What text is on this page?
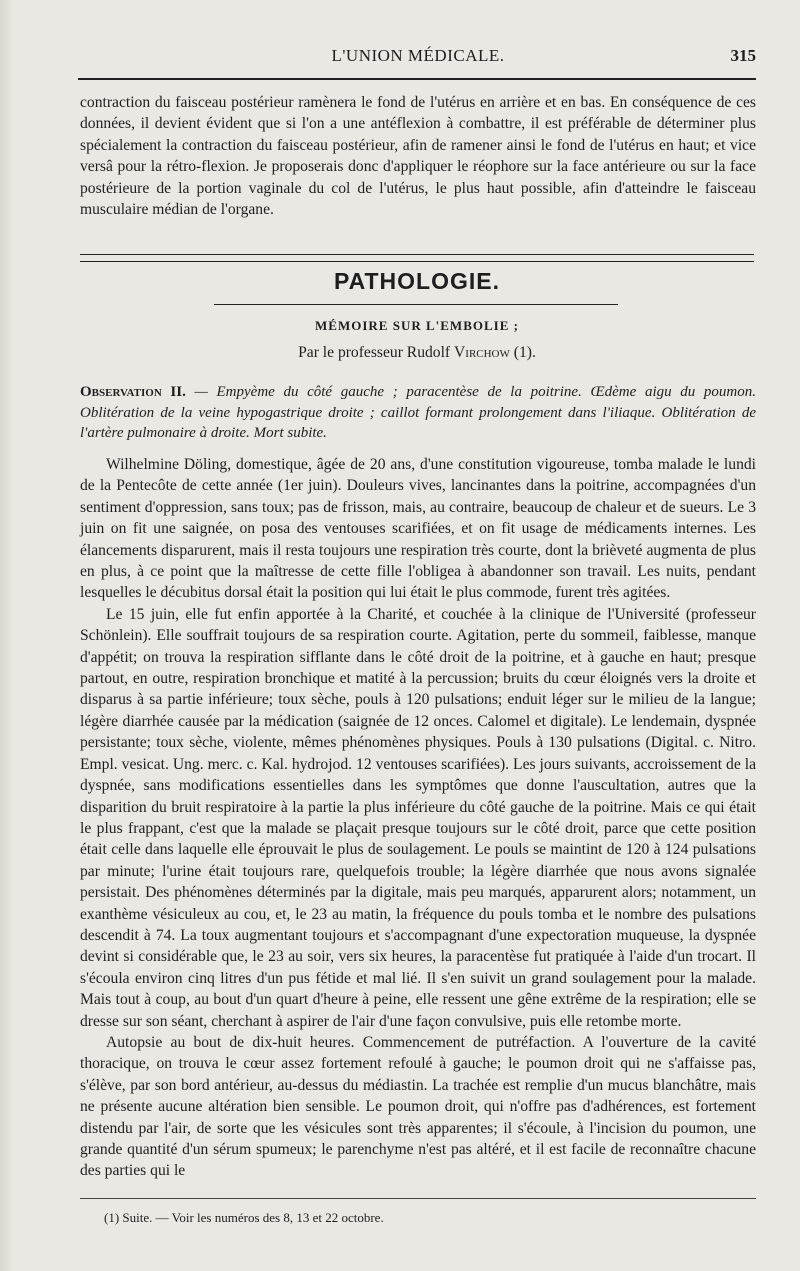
L'UNION MÉDICALE.	315

contraction du faisceau postérieur ramènera le fond de l'utérus en arrière et en bas. En conséquence de ces données, il devient évident que si l'on a une antéflexion à combattre, il est préférable de déterminer plus spécialement la contraction du faisceau postérieur, afin de ramener ainsi le fond de l'utérus en haut; et vice versâ pour la rétro-flexion. Je proposerais donc d'appliquer le réophore sur la face antérieure ou sur la face postérieure de la portion vaginale du col de l'utérus, le plus haut possible, afin d'atteindre le faisceau musculaire médian de l'organe.

PATHOLOGIE.
MÉMOIRE SUR L'EMBOLIE ;
Par le professeur Rudolf Virchow (1).
Observation II. — Empyème du côté gauche ; paracentèse de la poitrine. Œdème aigu du poumon. Oblitération de la veine hypogastrique droite ; caillot formant prolongement dans l'iliaque. Oblitération de l'artère pulmonaire à droite. Mort subite.

Wilhelmine Döling, domestique, âgée de 20 ans, d'une constitution vigoureuse, tomba malade le lundi de la Pentecôte de cette année (1er juin). Douleurs vives, lancinantes dans la poitrine, accompagnées d'un sentiment d'oppression, sans toux; pas de frisson, mais, au contraire, beaucoup de chaleur et de sueurs. Le 3 juin on fit une saignée, on posa des ventouses scarifiées, et on fit usage de médicaments internes. Les élancements disparurent, mais il resta toujours une respiration très courte, dont la brièveté augmenta de plus en plus, à ce point que la maîtresse de cette fille l'obligea à abandonner son travail. Les nuits, pendant lesquelles le décubitus dorsal était la position qui lui était le plus commode, furent très agitées.

Le 15 juin, elle fut enfin apportée à la Charité, et couchée à la clinique de l'Université (professeur Schönlein). Elle souffrait toujours de sa respiration courte. Agitation, perte du sommeil, faiblesse, manque d'appétit; on trouva la respiration sifflante dans le côté droit de la poitrine, et à gauche en haut; presque partout, en outre, respiration bronchique et matité à la percussion; bruits du cœur éloignés vers la droite et disparus à sa partie inférieure; toux sèche, pouls à 120 pulsations; enduit léger sur le milieu de la langue; légère diarrhée causée par la médication (saignée de 12 onces. Calomel et digitale). Le lendemain, dyspnée persistante; toux sèche, violente, mêmes phénomènes physiques. Pouls à 130 pulsations (Digital. c. Nitro. Empl. vesicat. Ung. merc. c. Kal. hydrojod. 12 ventouses scarifiées). Les jours suivants, accroissement de la dyspnée, sans modifications essentielles dans les symptômes que donne l'auscultation, autres que la disparition du bruit respiratoire à la partie la plus inférieure du côté gauche de la poitrine. Mais ce qui était le plus frappant, c'est que la malade se plaçait presque toujours sur le côté droit, parce que cette position était celle dans laquelle elle éprouvait le plus de soulagement. Le pouls se maintint de 120 à 124 pulsations par minute; l'urine était toujours rare, quelquefois trouble; la légère diarrhée que nous avons signalée persistait. Des phénomènes déterminés par la digitale, mais peu marqués, apparurent alors; notamment, un exanthème vésiculeux au cou, et, le 23 au matin, la fréquence du pouls tomba et le nombre des pulsations descendit à 74. La toux augmentant toujours et s'accompagnant d'une expectoration muqueuse, la dyspnée devint si considérable que, le 23 au soir, vers six heures, la paracentèse fut pratiquée à l'aide d'un trocart. Il s'écoula environ cinq litres d'un pus fétide et mal lié. Il s'en suivit un grand soulagement pour la malade. Mais tout à coup, au bout d'un quart d'heure à peine, elle ressent une gêne extrême de la respiration; elle se dresse sur son séant, cherchant à aspirer de l'air d'une façon convulsive, puis elle retombe morte.

Autopsie au bout de dix-huit heures. Commencement de putréfaction. A l'ouverture de la cavité thoracique, on trouva le cœur assez fortement refoulé à gauche; le poumon droit qui ne s'affaisse pas, s'élève, par son bord antérieur, au-dessus du médiastin. La trachée est remplie d'un mucus blanchâtre, mais ne présente aucune altération bien sensible. Le poumon droit, qui n'offre pas d'adhérences, est fortement distendu par l'air, de sorte que les vésicules sont très apparentes; il s'écoule, à l'incision du poumon, une grande quantité d'un sérum spumeux; le parenchyme n'est pas altéré, et il est facile de reconnaître chacune des parties qui le

(1) Suite. — Voir les numéros des 8, 13 et 22 octobre.
